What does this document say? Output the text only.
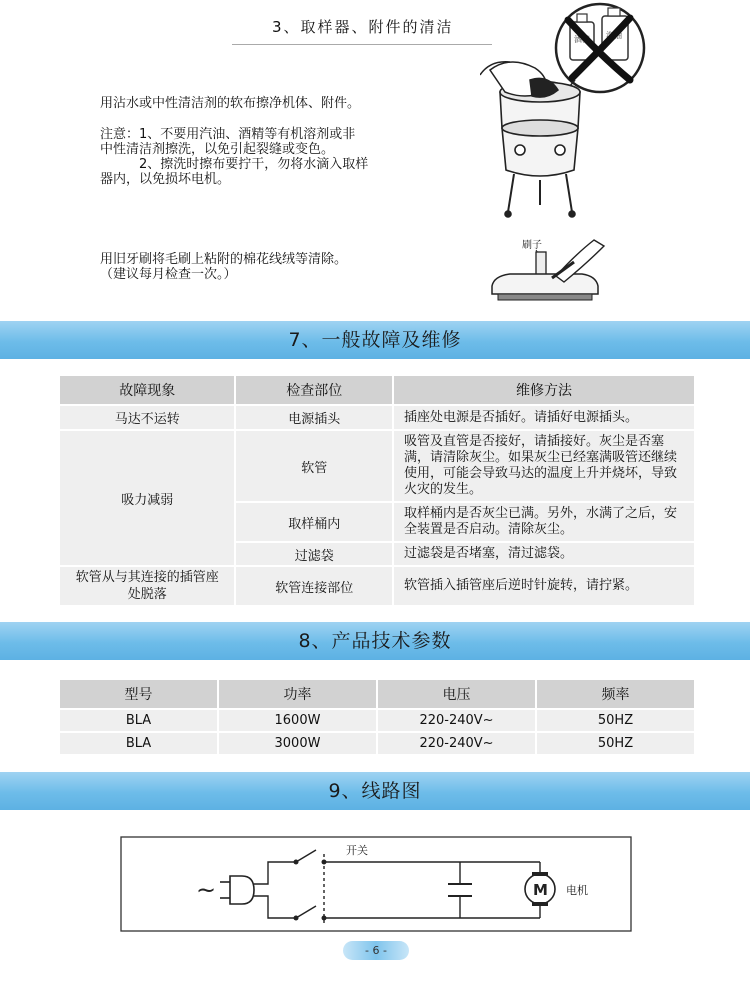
3、取样器、附件的清洁
用沾水或中性清洁剂的软布擦净机体、附件。
注意：1、不要用汽油、酒精等有机溶剂或非
中性清洁剂擦洗，以免引起裂缝或变色。
　　　2、擦洗时擦布要拧干，勿将水滴入取样
器内，以免损坏电机。
用旧牙刷将毛刷上粘附的棉花线绒等清除。
（建议每月检查一次。）
酒精 汽油
刷子
7、一般故障及维修
故障现象	检查部位	维修方法
马达不运转	电源插头	插座处电源是否插好。请插好电源插头。
吸力减弱	软管	吸管及直管是否接好，请插接好。灰尘是否塞满，请清除灰尘。如果灰尘已经塞满吸管还继续使用，可能会导致马达的温度上升并烧坏，导致火灾的发生。
	取样桶内	取样桶内是否灰尘已满。另外，水满了之后，安全装置是否启动。清除灰尘。
	过滤袋	过滤袋是否堵塞，清过滤袋。
软管从与其连接的插管座处脱落	软管连接部位	软管插入插管座后逆时针旋转，请拧紧。
8、产品技术参数
型号	功率	电压	频率
BLA	1600W	220-240V~	50HZ
BLA	3000W	220-240V~	50HZ
9、线路图
~
开关
M 电机
- 6 -
